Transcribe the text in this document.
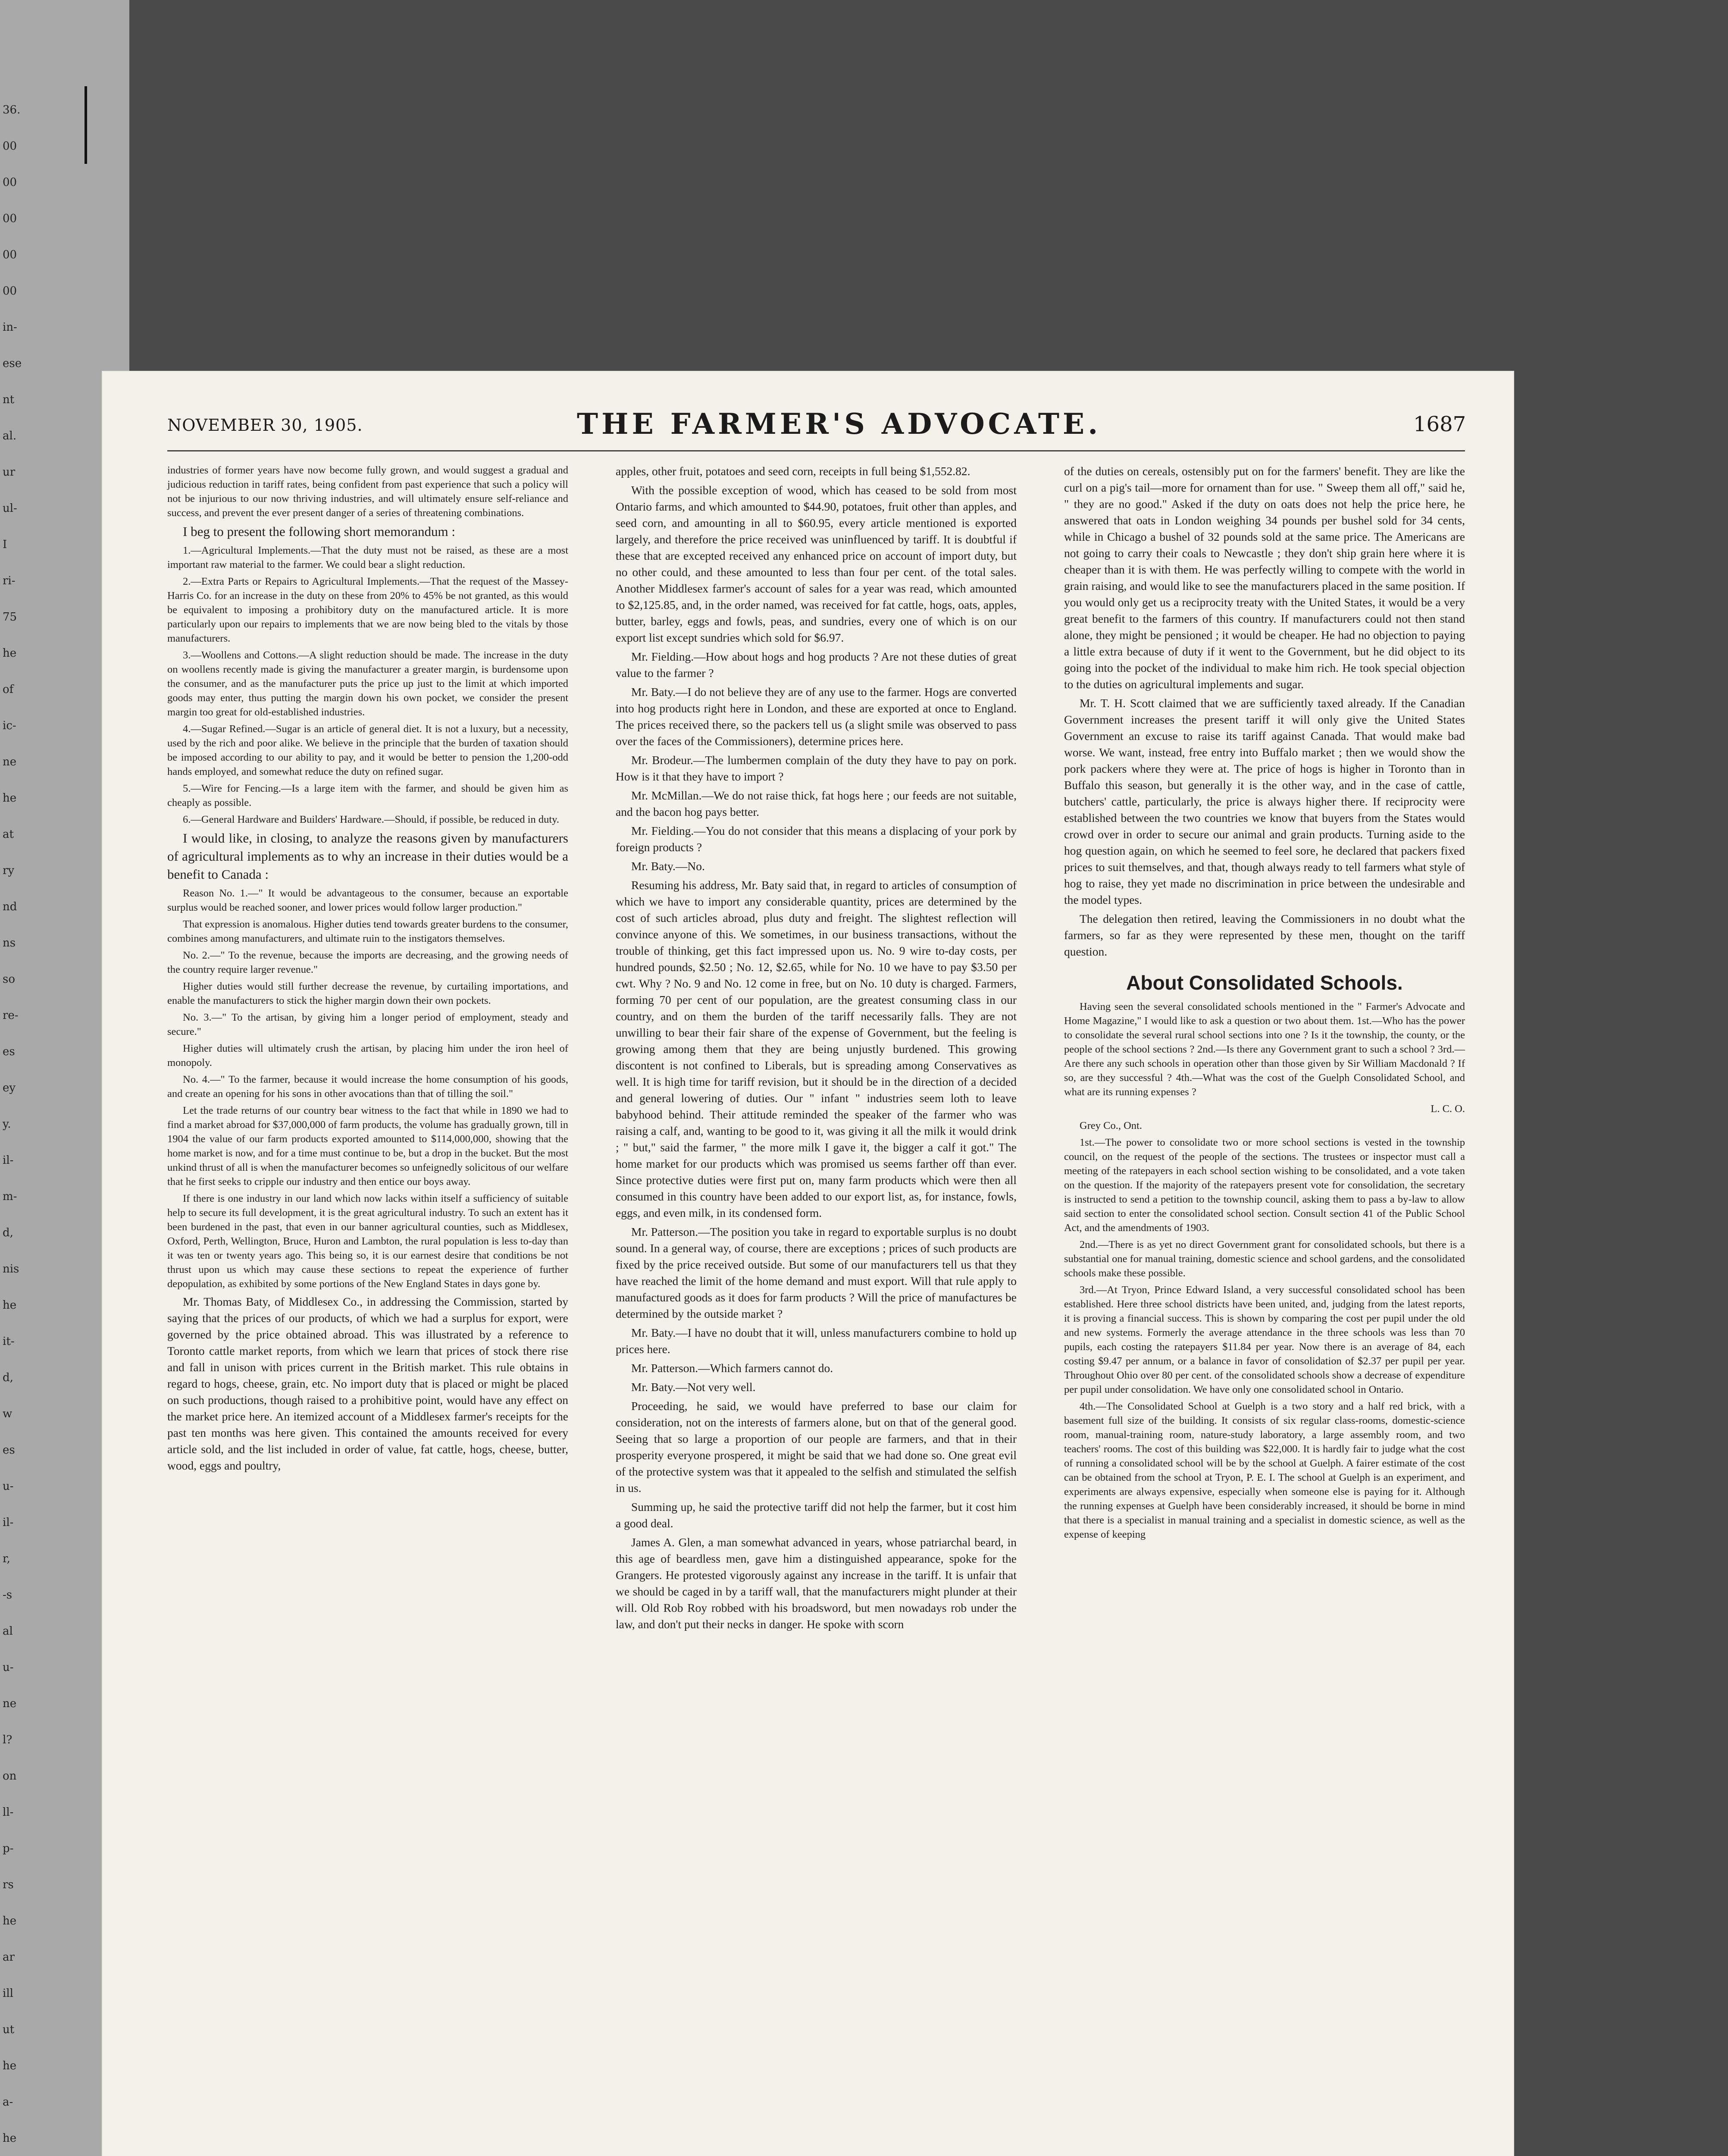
36.
00
00
00
00
00
in-
ese
nt
al.
ur
ul-
I
ri-
75
he
of
ic-
ne
he
at
ry
nd
ns
so
re-
es
ey
y.
il-
m-
d,
nis
he
it-
d,
w
es
u-
il-
r,
-s
al
u-
ne
l?
on
ll-
p-
rs
he
ar
ill
ut
he
a-
he
NOVEMBER 30, 1905.	THE FARMER'S ADVOCATE.	1687

industries of former years have now become fully grown, and would suggest a gradual and judicious reduction in tariff rates, being confident from past experience that such a policy will not be injurious to our now thriving industries, and will ultimately ensure self-reliance and success, and prevent the ever present danger of a series of threatening combinations.

I beg to present the following short memorandum :

1.—Agricultural Implements.—That the duty must not be raised, as these are a most important raw material to the farmer. We could bear a slight reduction.

2.—Extra Parts or Repairs to Agricultural Implements.—That the request of the Massey-Harris Co. for an increase in the duty on these from 20% to 45% be not granted, as this would be equivalent to imposing a prohibitory duty on the manufactured article. It is more particularly upon our repairs to implements that we are now being bled to the vitals by those manufacturers.

3.—Woollens and Cottons.—A slight reduction should be made. The increase in the duty on woollens recently made is giving the manufacturer a greater margin, is burdensome upon the consumer, and as the manufacturer puts the price up just to the limit at which imported goods may enter, thus putting the margin down his own pocket, we consider the present margin too great for old-established industries.

4.—Sugar Refined.—Sugar is an article of general diet. It is not a luxury, but a necessity, used by the rich and poor alike. We believe in the principle that the burden of taxation should be imposed according to our ability to pay, and it would be better to pension the 1,200-odd hands employed, and somewhat reduce the duty on refined sugar.

5.—Wire for Fencing.—Is a large item with the farmer, and should be given him as cheaply as possible.

6.—General Hardware and Builders' Hardware.—Should, if possible, be reduced in duty.

I would like, in closing, to analyze the reasons given by manufacturers of agricultural implements as to why an increase in their duties would be a benefit to Canada :

Reason No. 1.—" It would be advantageous to the consumer, because an exportable surplus would be reached sooner, and lower prices would follow larger production."

That expression is anomalous. Higher duties tend towards greater burdens to the consumer, combines among manufacturers, and ultimate ruin to the instigators themselves.

No. 2.—" To the revenue, because the imports are decreasing, and the growing needs of the country require larger revenue."

Higher duties would still further decrease the revenue, by curtailing importations, and enable the manufacturers to stick the higher margin down their own pockets.

No. 3.—" To the artisan, by giving him a longer period of employment, steady and secure."

Higher duties will ultimately crush the artisan, by placing him under the iron heel of monopoly.

No. 4.—" To the farmer, because it would increase the home consumption of his goods, and create an opening for his sons in other avocations than that of tilling the soil."

Let the trade returns of our country bear witness to the fact that while in 1890 we had to find a market abroad for $37,000,000 of farm products, the volume has gradually grown, till in 1904 the value of our farm products exported amounted to $114,000,000, showing that the home market is now, and for a time must continue to be, but a drop in the bucket. But the most unkind thrust of all is when the manufacturer becomes so unfeignedly solicitous of our welfare that he first seeks to cripple our industry and then entice our boys away.

If there is one industry in our land which now lacks within itself a sufficiency of suitable help to secure its full development, it is the great agricultural industry. To such an extent has it been burdened in the past, that even in our banner agricultural counties, such as Middlesex, Oxford, Perth, Wellington, Bruce, Huron and Lambton, the rural population is less to-day than it was ten or twenty years ago. This being so, it is our earnest desire that conditions be not thrust upon us which may cause these sections to repeat the experience of further depopulation, as exhibited by some portions of the New England States in days gone by.

Mr. Thomas Baty, of Middlesex Co., in addressing the Commission, started by saying that the prices of our products, of which we had a surplus for export, were governed by the price obtained abroad. This was illustrated by a reference to Toronto cattle market reports, from which we learn that prices of stock there rise and fall in unison with prices current in the British market. This rule obtains in regard to hogs, cheese, grain, etc. No import duty that is placed or might be placed on such productions, though raised to a prohibitive point, would have any effect on the market price here. An itemized account of a Middlesex farmer's receipts for the past ten months was here given. This contained the amounts received for every article sold, and the list included in order of value, fat cattle, hogs, cheese, butter, wood, eggs and poultry,

apples, other fruit, potatoes and seed corn, receipts in full being $1,552.82.

With the possible exception of wood, which has ceased to be sold from most Ontario farms, and which amounted to $44.90, potatoes, fruit other than apples, and seed corn, and amounting in all to $60.95, every article mentioned is exported largely, and therefore the price received was uninfluenced by tariff. It is doubtful if these that are excepted received any enhanced price on account of import duty, but no other could, and these amounted to less than four per cent. of the total sales. Another Middlesex farmer's account of sales for a year was read, which amounted to $2,125.85, and, in the order named, was received for fat cattle, hogs, oats, apples, butter, barley, eggs and fowls, peas, and sundries, every one of which is on our export list except sundries which sold for $6.97.

Mr. Fielding.—How about hogs and hog products ? Are not these duties of great value to the farmer ?

Mr. Baty.—I do not believe they are of any use to the farmer. Hogs are converted into hog products right here in London, and these are exported at once to England. The prices received there, so the packers tell us (a slight smile was observed to pass over the faces of the Commissioners), determine prices here.

Mr. Brodeur.—The lumbermen complain of the duty they have to pay on pork. How is it that they have to import ?

Mr. McMillan.—We do not raise thick, fat hogs here ; our feeds are not suitable, and the bacon hog pays better.

Mr. Fielding.—You do not consider that this means a displacing of your pork by foreign products ?

Mr. Baty.—No.

Resuming his address, Mr. Baty said that, in regard to articles of consumption of which we have to import any considerable quantity, prices are determined by the cost of such articles abroad, plus duty and freight. The slightest reflection will convince anyone of this. We sometimes, in our business transactions, without the trouble of thinking, get this fact impressed upon us. No. 9 wire to-day costs, per hundred pounds, $2.50 ; No. 12, $2.65, while for No. 10 we have to pay $3.50 per cwt. Why ? No. 9 and No. 12 come in free, but on No. 10 duty is charged. Farmers, forming 70 per cent of our population, are the greatest consuming class in our country, and on them the burden of the tariff necessarily falls. They are not unwilling to bear their fair share of the expense of Government, but the feeling is growing among them that they are being unjustly burdened. This growing discontent is not confined to Liberals, but is spreading among Conservatives as well. It is high time for tariff revision, but it should be in the direction of a decided and general lowering of duties. Our " infant " industries seem loth to leave babyhood behind. Their attitude reminded the speaker of the farmer who was raising a calf, and, wanting to be good to it, was giving it all the milk it would drink ; " but," said the farmer, " the more milk I gave it, the bigger a calf it got." The home market for our products which was promised us seems farther off than ever. Since protective duties were first put on, many farm products which were then all consumed in this country have been added to our export list, as, for instance, fowls, eggs, and even milk, in its condensed form.

Mr. Patterson.—The position you take in regard to exportable surplus is no doubt sound. In a general way, of course, there are exceptions ; prices of such products are fixed by the price received outside. But some of our manufacturers tell us that they have reached the limit of the home demand and must export. Will that rule apply to manufactured goods as it does for farm products ? Will the price of manufactures be determined by the outside market ?

Mr. Baty.—I have no doubt that it will, unless manufacturers combine to hold up prices here.

Mr. Patterson.—Which farmers cannot do.

Mr. Baty.—Not very well.

Proceeding, he said, we would have preferred to base our claim for consideration, not on the interests of farmers alone, but on that of the general good. Seeing that so large a proportion of our people are farmers, and that in their prosperity everyone prospered, it might be said that we had done so. One great evil of the protective system was that it appealed to the selfish and stimulated the selfish in us.

Summing up, he said the protective tariff did not help the farmer, but it cost him a good deal.

James A. Glen, a man somewhat advanced in years, whose patriarchal beard, in this age of beardless men, gave him a distinguished appearance, spoke for the Grangers. He protested vigorously against any increase in the tariff. It is unfair that we should be caged in by a tariff wall, that the manufacturers might plunder at their will. Old Rob Roy robbed with his broadsword, but men nowadays rob under the law, and don't put their necks in danger. He spoke with scorn

of the duties on cereals, ostensibly put on for the farmers' benefit. They are like the curl on a pig's tail—more for ornament than for use. " Sweep them all off," said he, " they are no good." Asked if the duty on oats does not help the price here, he answered that oats in London weighing 34 pounds per bushel sold for 34 cents, while in Chicago a bushel of 32 pounds sold at the same price. The Americans are not going to carry their coals to Newcastle ; they don't ship grain here where it is cheaper than it is with them. He was perfectly willing to compete with the world in grain raising, and would like to see the manufacturers placed in the same position. If you would only get us a reciprocity treaty with the United States, it would be a very great benefit to the farmers of this country. If manufacturers could not then stand alone, they might be pensioned ; it would be cheaper. He had no objection to paying a little extra because of duty if it went to the Government, but he did object to its going into the pocket of the individual to make him rich. He took special objection to the duties on agricultural implements and sugar.

Mr. T. H. Scott claimed that we are sufficiently taxed already. If the Canadian Government increases the present tariff it will only give the United States Government an excuse to raise its tariff against Canada. That would make bad worse. We want, instead, free entry into Buffalo market ; then we would show the pork packers where they were at. The price of hogs is higher in Toronto than in Buffalo this season, but generally it is the other way, and in the case of cattle, butchers' cattle, particularly, the price is always higher there. If reciprocity were established between the two countries we know that buyers from the States would crowd over in order to secure our animal and grain products. Turning aside to the hog question again, on which he seemed to feel sore, he declared that packers fixed prices to suit themselves, and that, though always ready to tell farmers what style of hog to raise, they yet made no discrimination in price between the undesirable and the model types.

The delegation then retired, leaving the Commissioners in no doubt what the farmers, so far as they were represented by these men, thought on the tariff question.

About Consolidated Schools.

Having seen the several consolidated schools mentioned in the " Farmer's Advocate and Home Magazine," I would like to ask a question or two about them. 1st.—Who has the power to consolidate the several rural school sections into one ? Is it the township, the county, or the people of the school sections ? 2nd.—Is there any Government grant to such a school ? 3rd.—Are there any such schools in operation other than those given by Sir William Macdonald ? If so, are they successful ? 4th.—What was the cost of the Guelph Consolidated School, and what are its running expenses ?

L. C. O.

Grey Co., Ont.

1st.—The power to consolidate two or more school sections is vested in the township council, on the request of the people of the sections. The trustees or inspector must call a meeting of the ratepayers in each school section wishing to be consolidated, and a vote taken on the question. If the majority of the ratepayers present vote for consolidation, the secretary is instructed to send a petition to the township council, asking them to pass a by-law to allow said section to enter the consolidated school section. Consult section 41 of the Public School Act, and the amendments of 1903.

2nd.—There is as yet no direct Government grant for consolidated schools, but there is a substantial one for manual training, domestic science and school gardens, and the consolidated schools make these possible.

3rd.—At Tryon, Prince Edward Island, a very successful consolidated school has been established. Here three school districts have been united, and, judging from the latest reports, it is proving a financial success. This is shown by comparing the cost per pupil under the old and new systems. Formerly the average attendance in the three schools was less than 70 pupils, each costing the ratepayers $11.84 per year. Now there is an average of 84, each costing $9.47 per annum, or a balance in favor of consolidation of $2.37 per pupil per year. Throughout Ohio over 80 per cent. of the consolidated schools show a decrease of expenditure per pupil under consolidation. We have only one consolidated school in Ontario.

4th.—The Consolidated School at Guelph is a two story and a half red brick, with a basement full size of the building. It consists of six regular class-rooms, domestic-science room, manual-training room, nature-study laboratory, a large assembly room, and two teachers' rooms. The cost of this building was $22,000. It is hardly fair to judge what the cost of running a consolidated school will be by the school at Guelph. A fairer estimate of the cost can be obtained from the school at Tryon, P. E. I. The school at Guelph is an experiment, and experiments are always expensive, especially when someone else is paying for it. Although the running expenses at Guelph have been considerably increased, it should be borne in mind that there is a specialist in manual training and a specialist in domestic science, as well as the expense of keeping
